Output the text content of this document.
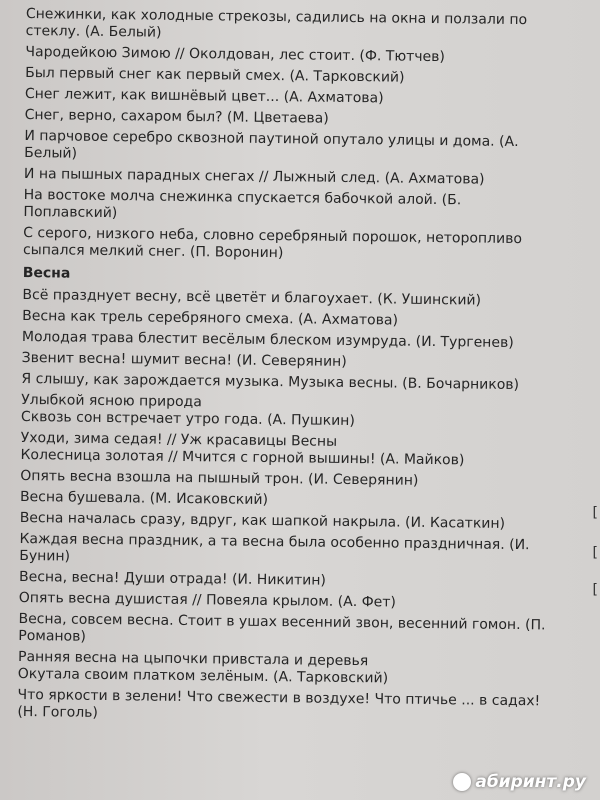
Снежинки, как холодные стрекозы, садились на окна и ползали по стеклу. (А. Белый)

Чародейкою Зимою // Околдован, лес стоит. (Ф. Тютчев)

Был первый снег как первый смех. (А. Тарковский)

Снег лежит, как вишнёвый цвет... (А. Ахматова)

Снег, верно, сахаром был? (М. Цветаева)

И парчовое серебро сквозной паутиной опутало улицы и дома. (А. Белый)

И на пышных парадных снегах // Лыжный след. (А. Ахматова)

На востоке молча снежинка спускается бабочкой алой. (Б. Поплавский)

С серого, низкого неба, словно серебряный порошок, неторопливо сыпался мелкий снег. (П. Воронин)

Весна

Всё празднует весну, всё цветёт и благоухает. (К. Ушинский)

Весна как трель серебряного смеха. (А. Ахматова)

Молодая трава блестит весёлым блеском изумруда. (И. Тургенев)

Звенит весна! шумит весна! (И. Северянин)

Я слышу, как зарождается музыка. Музыка весны. (В. Бочарников)

Улыбкой ясною природа

Сквозь сон встречает утро года. (А. Пушкин)

Уходи, зима седая! // Уж красавицы Весны

Колесница золотая // Мчится с горной вышины! (А. Майков)

Опять весна взошла на пышный трон. (И. Северянин)

Весна бушевала. (М. Исаковский)

Весна началась сразу, вдруг, как шапкой накрыла. (И. Касаткин)

Каждая весна праздник, а та весна была особенно праздничная. (И. Бунин)

Весна, весна! Души отрада! (И. Никитин)

Опять весна душистая // Повеяла крылом. (А. Фет)

Весна, совсем весна. Стоит в ушах весенний звон, весенний гомон. (П. Романов)

Ранняя весна на цыпочки привстала и деревья

Окутала своим платком зелёным. (А. Тарковский)

Что яркости в зелени! Что свежести в воздухе! Что птичье ... в садах! (Н. Гоголь)

[
[
[
абиринт.ру
